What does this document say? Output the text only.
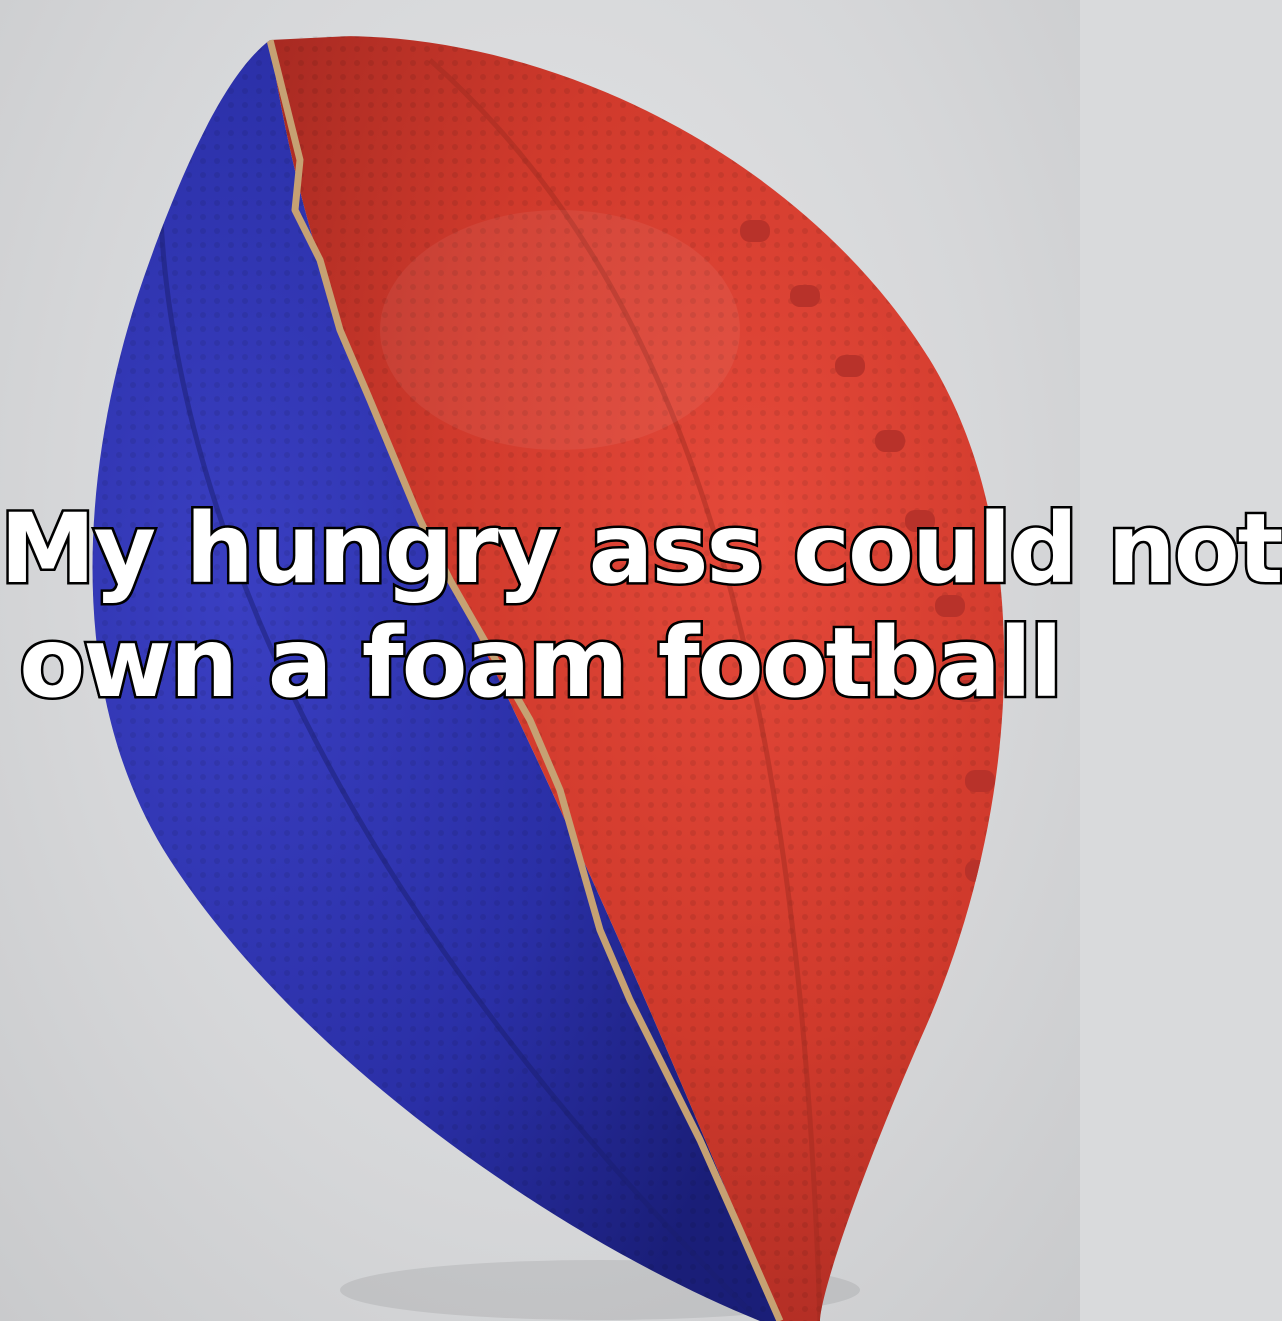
My hungry ass could not
own a foam football
